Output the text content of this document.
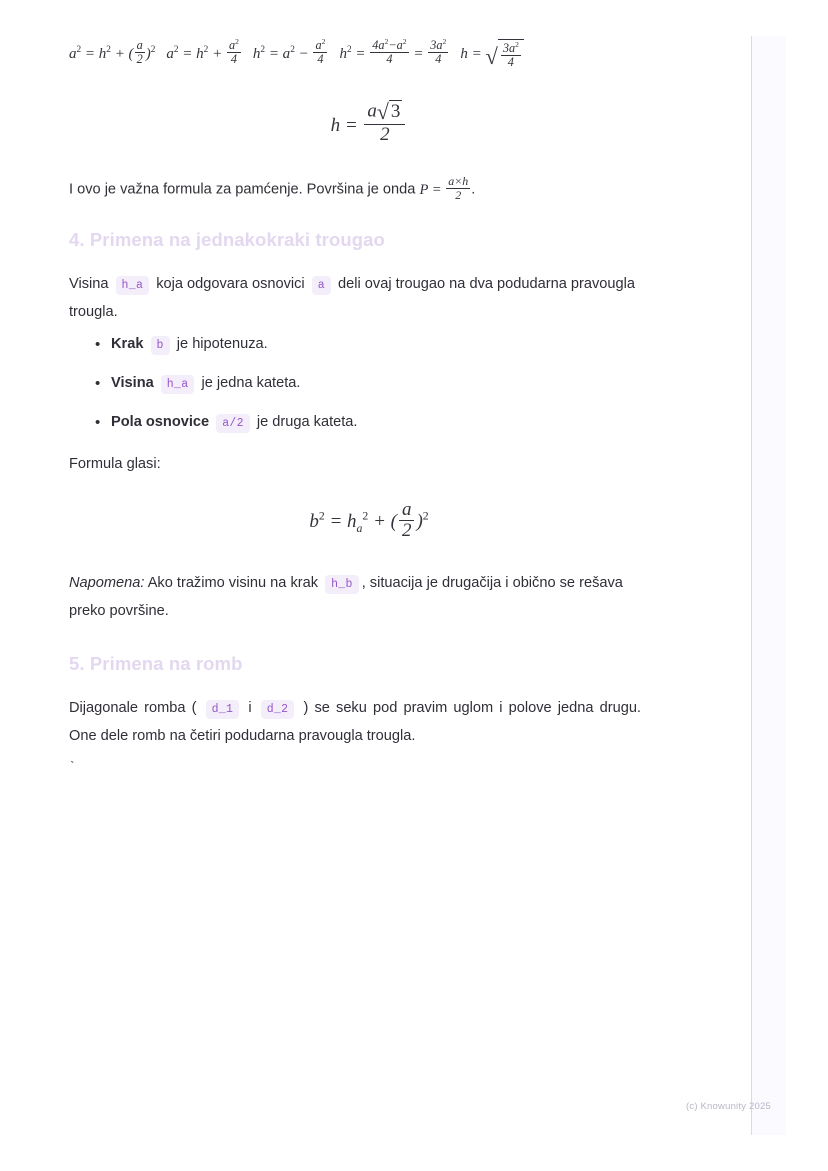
$a^2 = h^2$ + ( $\frac{a}{2} )^2$ $a^2 = h^2 + \frac{a^2}{4} h^2 = a^2 - \frac{a^2}{4} h^2 = \frac{4a^2-a^2}{4} = \frac{3a^2}{4}$ h = √ $\frac{3a^2}{4}$
$h = \frac{a√ 3}{2}$

I ovo je važna formula za pamćenje. Površina je onda $P = \frac{a\times h}{2}$ .

4. Primena na jednakokraki trougao

Visina h_a koja odgovara osnovici a deli ovaj trougao na dva podudarna pravougla trougla.

• Krak b je hipotenuza.
• Visina h_a je jedna kateta.
• Pola osnovice a/2 je druga kateta.

Formula glasi:

$b^2 = h_a^2$ + ( $\frac{a}{2} )^2$

Napomena: Ako tražimo visinu na krak h_b , situacija je drugačija i obično se rešava preko površine.

5. Primena na romb

Dijagonale romba ( d_1 i d_2 ) se seku pod pravim uglom i polove jedna drugu. One dele romb na četiri podudarna pravougla trougla.

`
(c) Knowunity 2025
